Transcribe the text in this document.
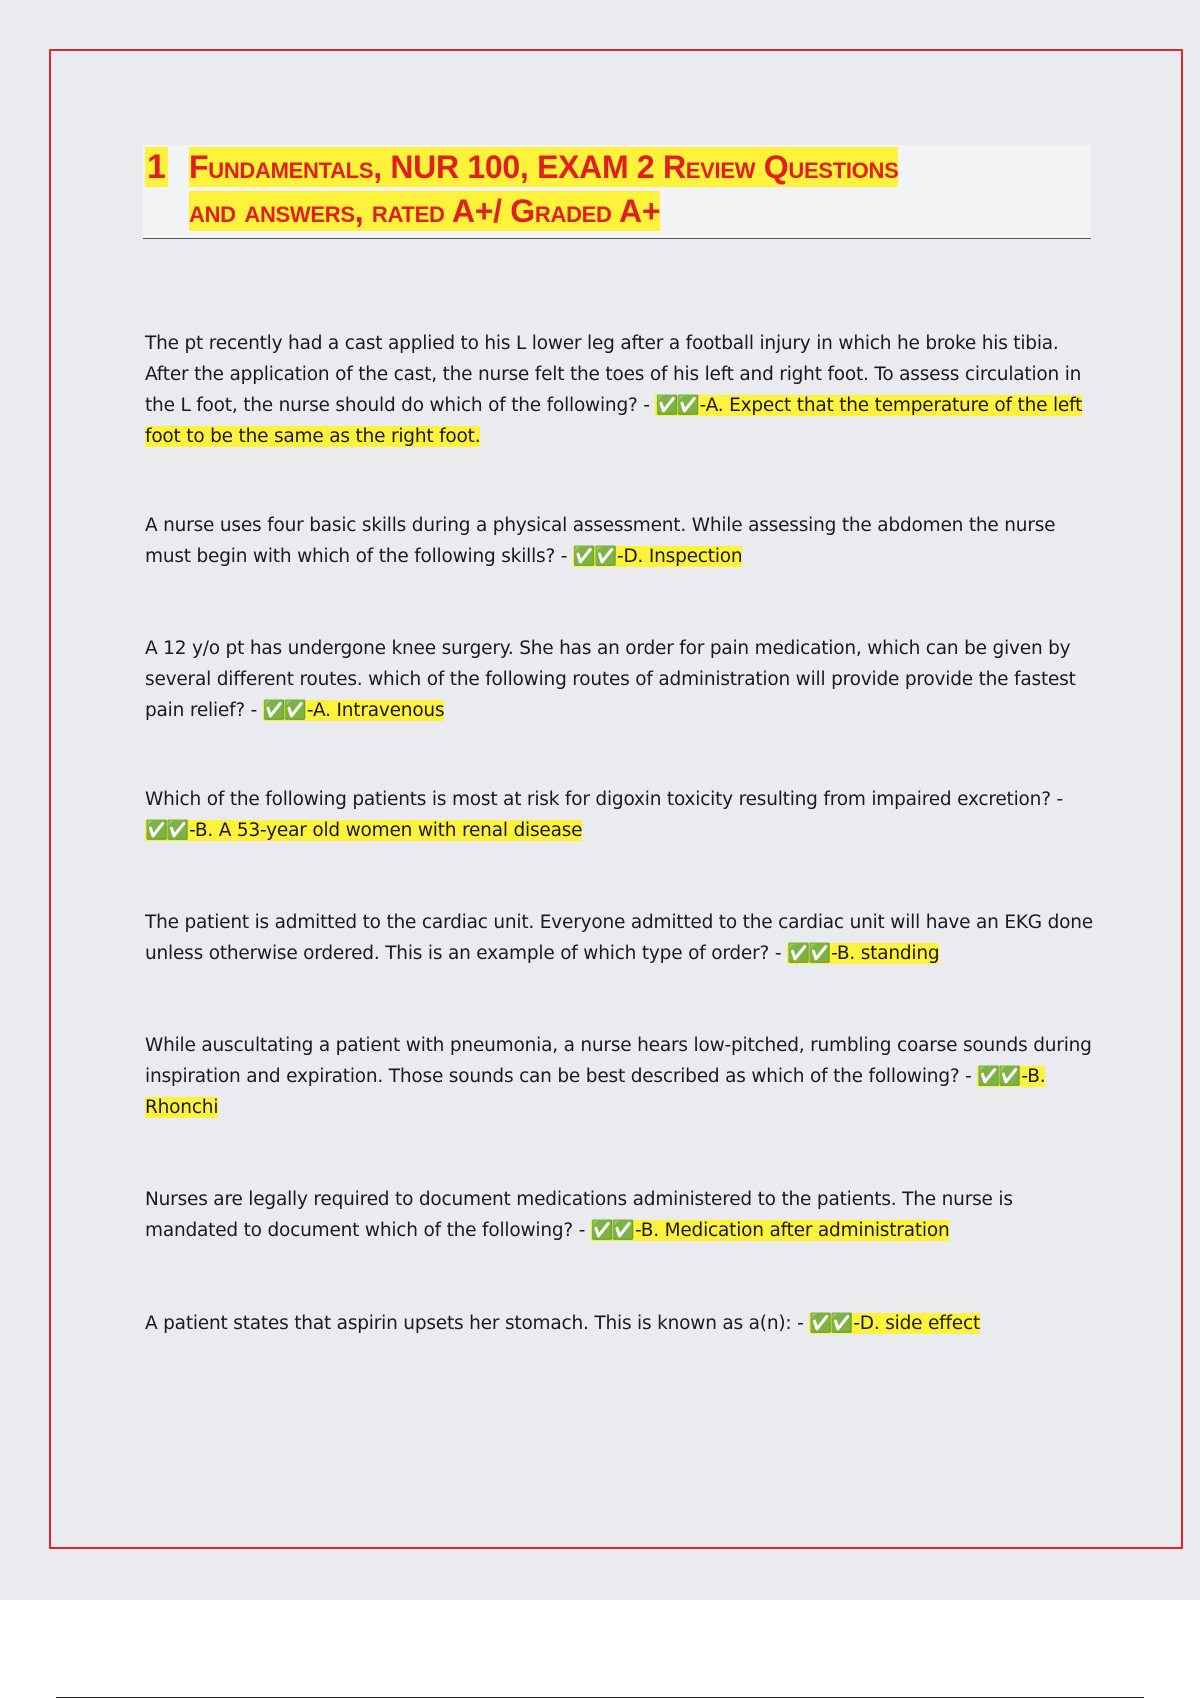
1 Fundamentals, NUR 100, EXAM 2 Review Questions
and answers, rated A+/ Graded A+
The pt recently had a cast applied to his L lower leg after a football injury in which he broke his tibia. After the application of the cast, the nurse felt the toes of his left and right foot. To assess circulation in the L foot, the nurse should do which of the following? - ✅✅ -A. Expect that the temperature of the left foot to be the same as the right foot.
A nurse uses four basic skills during a physical assessment. While assessing the abdomen the nurse must begin with which of the following skills? - ✅✅ -D. Inspection
A 12 y/o pt has undergone knee surgery. She has an order for pain medication, which can be given by several different routes. which of the following routes of administration will provide provide the fastest pain relief? - ✅✅ -A. Intravenous
Which of the following patients is most at risk for digoxin toxicity resulting from impaired excretion? - ✅✅ -B. A 53-year old women with renal disease
The patient is admitted to the cardiac unit. Everyone admitted to the cardiac unit will have an EKG done unless otherwise ordered. This is an example of which type of order? - ✅✅ -B. standing
While auscultating a patient with pneumonia, a nurse hears low-pitched, rumbling coarse sounds during inspiration and expiration. Those sounds can be best described as which of the following? - ✅✅ -B. Rhonchi
Nurses are legally required to document medications administered to the patients. The nurse is mandated to document which of the following? - ✅✅ -B. Medication after administration
A patient states that aspirin upsets her stomach. This is known as a(n): - ✅✅ -D. side effect
